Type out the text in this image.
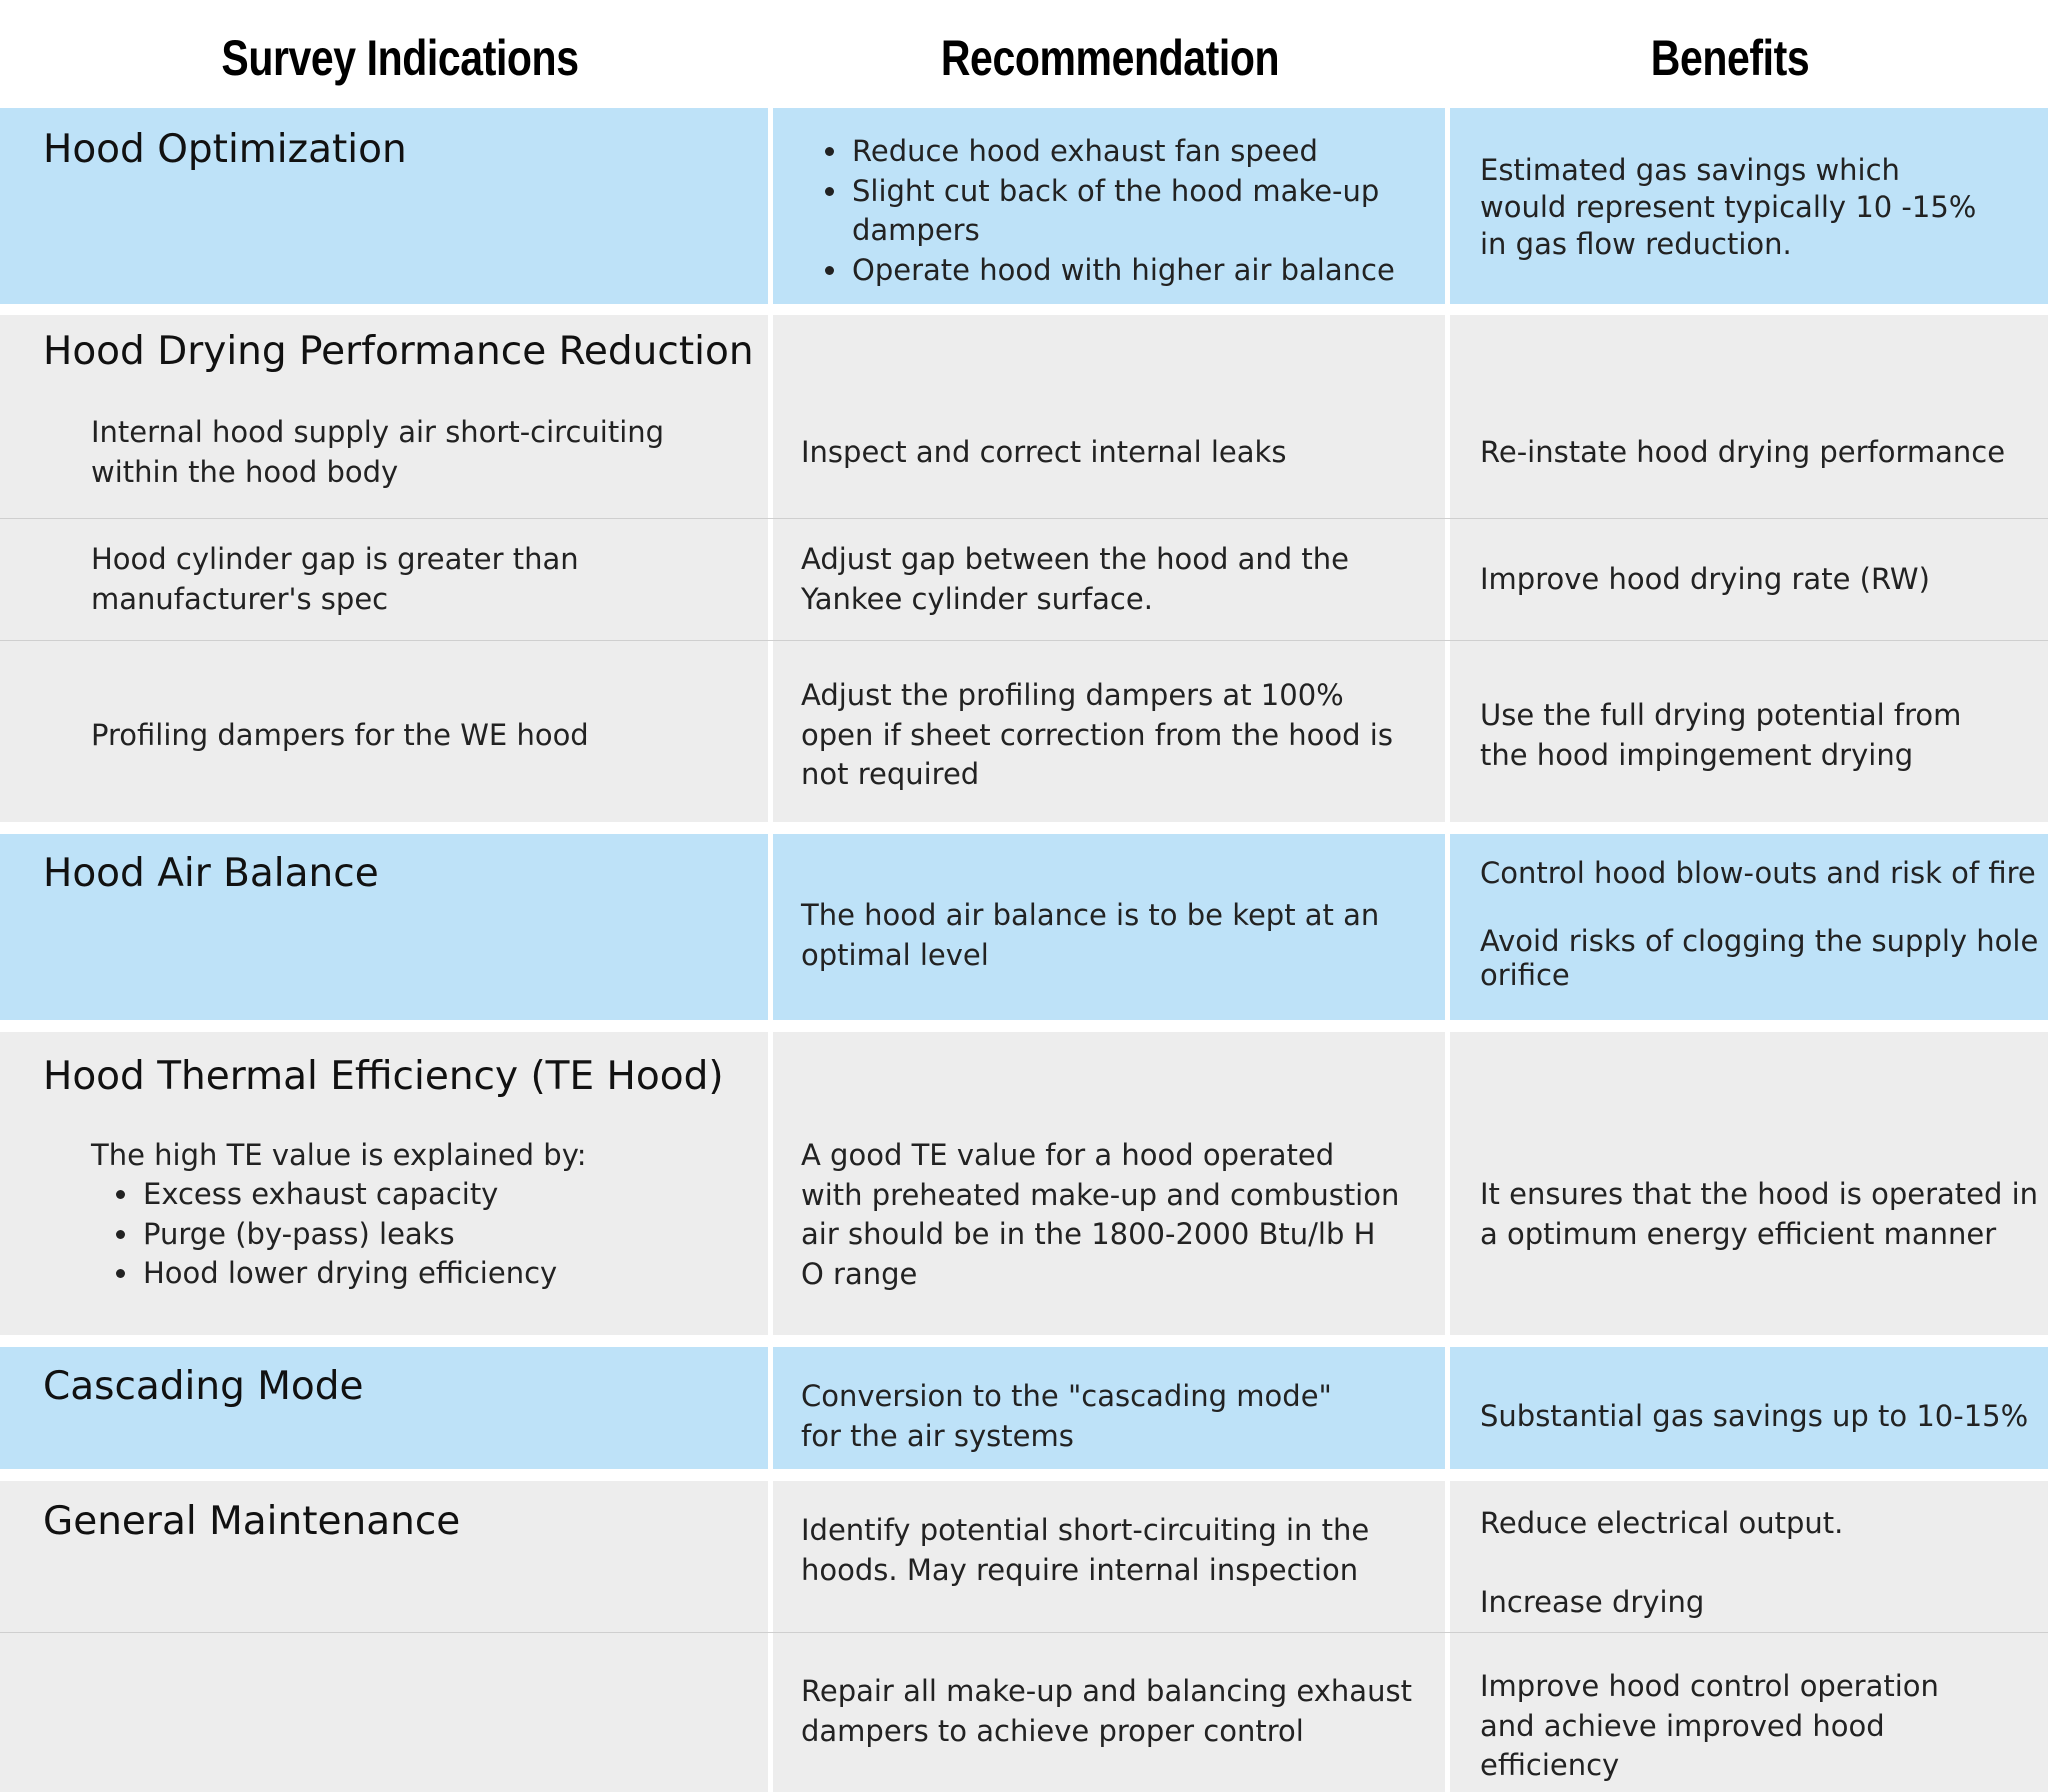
Survey Indications	Recommendation	Benefits
Hood Optimization
•	Reduce hood exhaust fan speed
• Slight cut back of the hood make-up dampers
• Operate hood with higher air balance
Estimated gas savings which would represent typically 10 -15% in gas flow reduction.
Hood Drying Performance Reduction
Internal hood supply air short-circuiting within the hood body
Inspect and correct internal leaks	Re-instate hood drying performance
Hood cylinder gap is greater than manufacturer's spec
Adjust gap between the hood and the Yankee cylinder surface.
Improve hood drying rate (RW)
Profiling dampers for the WE hood
Adjust the profiling dampers at 100% open if sheet correction from the hood is not required
Use the full drying potential from the hood impingement drying
Hood Air Balance
The hood air balance is to be kept at an optimal level
Control hood blow-outs and risk of fire
Avoid risks of clogging the supply hole orifice
Hood Thermal Efficiency (TE Hood)
The high TE value is explained by:
• Excess exhaust capacity
• Purge (by-pass) leaks
• Hood lower drying efficiency
A good TE value for a hood operated with preheated make-up and combustion air should be in the 1800-2000 Btu/lb H O range
It ensures that the hood is operated in a optimum energy efficient manner
Cascading Mode	Conversion to the "cascading mode" for the air systems
Substantial gas savings up to 10-15%
General Maintenance	Identify potential short-circuiting in the hoods. May require internal inspection
Reduce electrical output.
Increase drying
Repair all make-up and balancing exhaust dampers to achieve proper control
Improve hood control operation and achieve improved hood efficiency
